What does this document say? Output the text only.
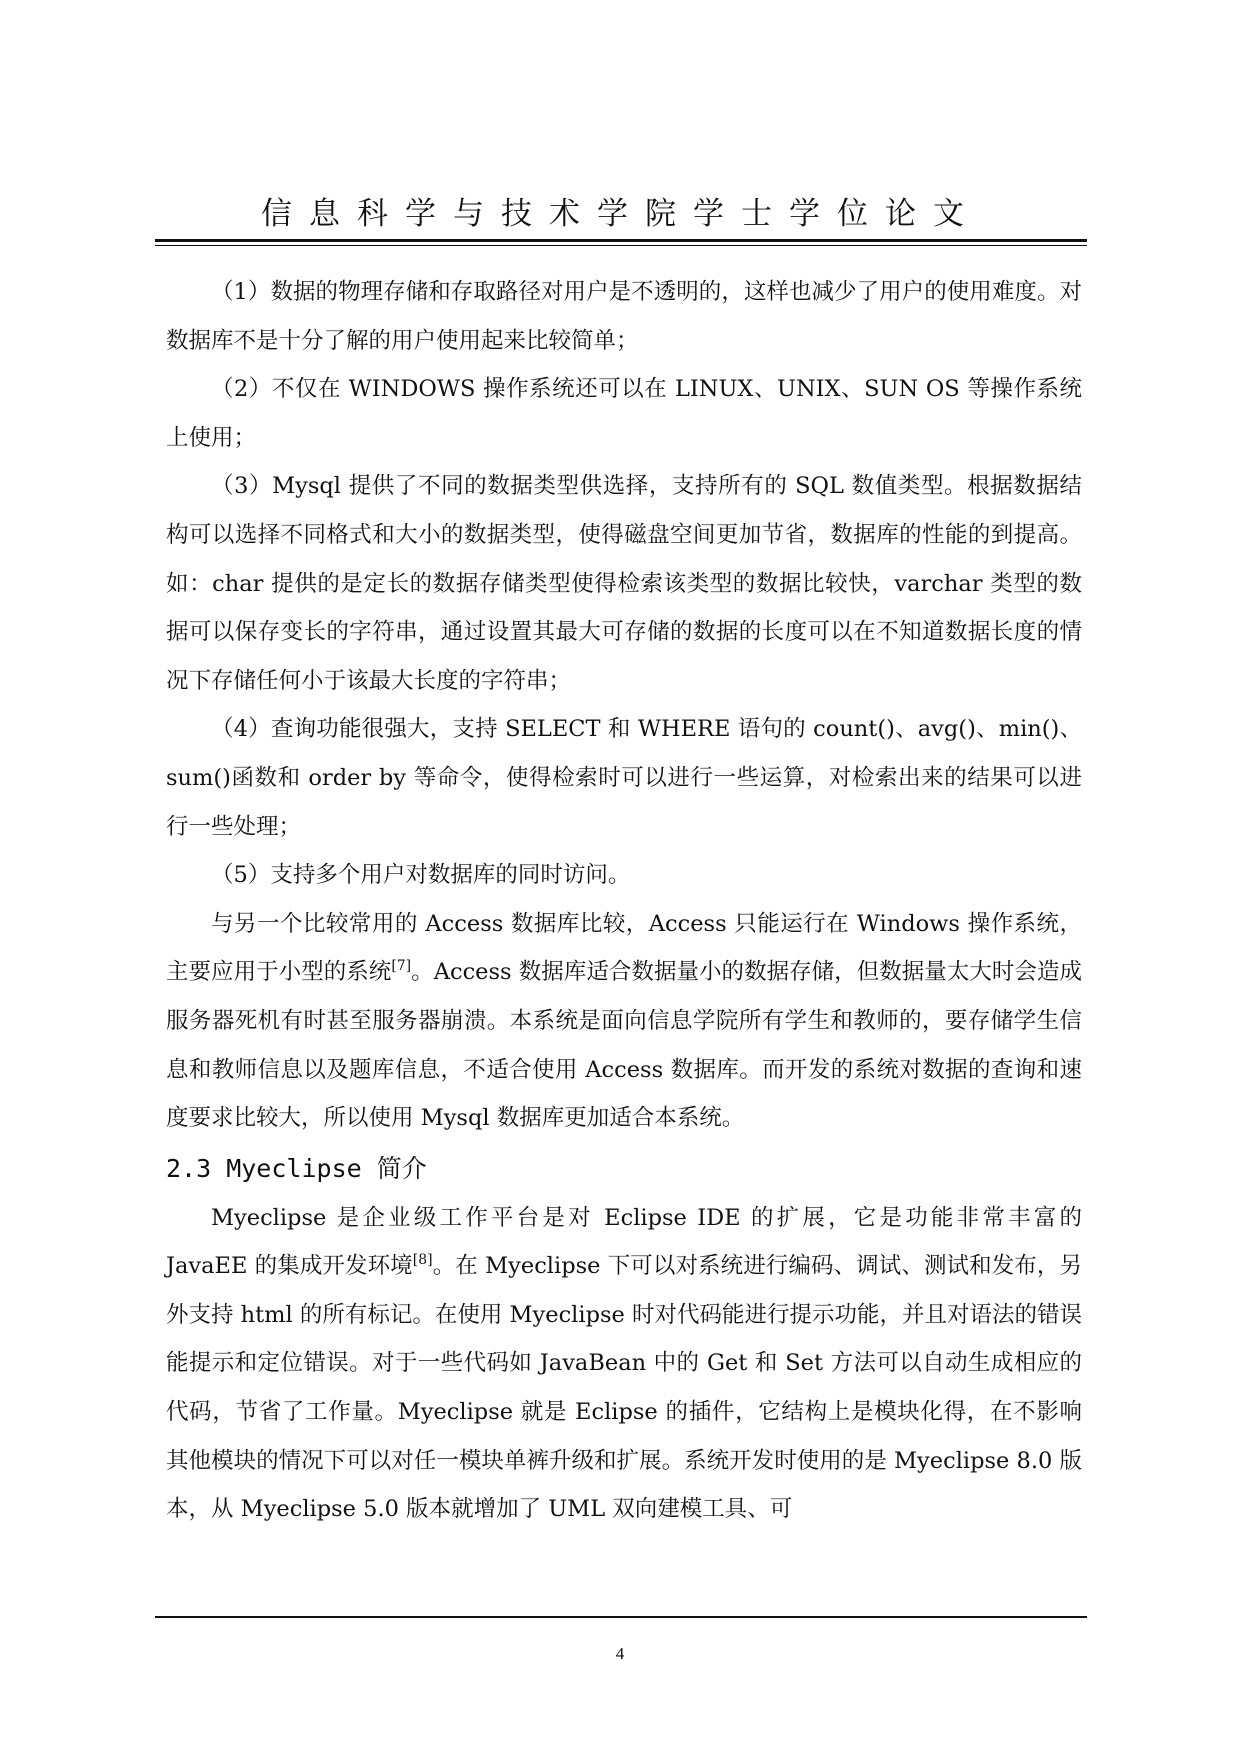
信息科学与技术学院学士学位论文

（1）数据的物理存储和存取路径对用户是不透明的，这样也减少了用户的使用难度。对数据库不是十分了解的用户使用起来比较简单；

（2）不仅在 WINDOWS 操作系统还可以在 LINUX、UNIX、SUN OS 等操作系统上使用；

（3）Mysql 提供了不同的数据类型供选择，支持所有的 SQL 数值类型。根据数据结构可以选择不同格式和大小的数据类型，使得磁盘空间更加节省，数据库的性能的到提高。如：char 提供的是定长的数据存储类型使得检索该类型的数据比较快，varchar 类型的数据可以保存变长的字符串，通过设置其最大可存储的数据的长度可以在不知道数据长度的情况下存储任何小于该最大长度的字符串；

（4）查询功能很强大，支持 SELECT 和 WHERE 语句的 count()、avg()、min()、sum()函数和 order by 等命令，使得检索时可以进行一些运算，对检索出来的结果可以进行一些处理；

（5）支持多个用户对数据库的同时访问。

与另一个比较常用的 Access 数据库比较，Access 只能运行在 Windows 操作系统，主要应用于小型的系统[7]。Access 数据库适合数据量小的数据存储，但数据量太大时会造成服务器死机有时甚至服务器崩溃。本系统是面向信息学院所有学生和教师的，要存储学生信息和教师信息以及题库信息，不适合使用 Access 数据库。而开发的系统对数据的查询和速度要求比较大，所以使用 Mysql 数据库更加适合本系统。

2.3 Myeclipse 简介

Myeclipse 是企业级工作平台是对 Eclipse IDE 的扩展，它是功能非常丰富的 JavaEE 的集成开发环境[8]。在 Myeclipse 下可以对系统进行编码、调试、测试和发布，另外支持 html 的所有标记。在使用 Myeclipse 时对代码能进行提示功能，并且对语法的错误能提示和定位错误。对于一些代码如 JavaBean 中的 Get 和 Set 方法可以自动生成相应的代码，节省了工作量。Myeclipse 就是 Eclipse 的插件，它结构上是模块化得，在不影响其他模块的情况下可以对任一模块单裤升级和扩展。系统开发时使用的是 Myeclipse 8.0 版本，从 Myeclipse 5.0 版本就增加了 UML 双向建模工具、可

4
